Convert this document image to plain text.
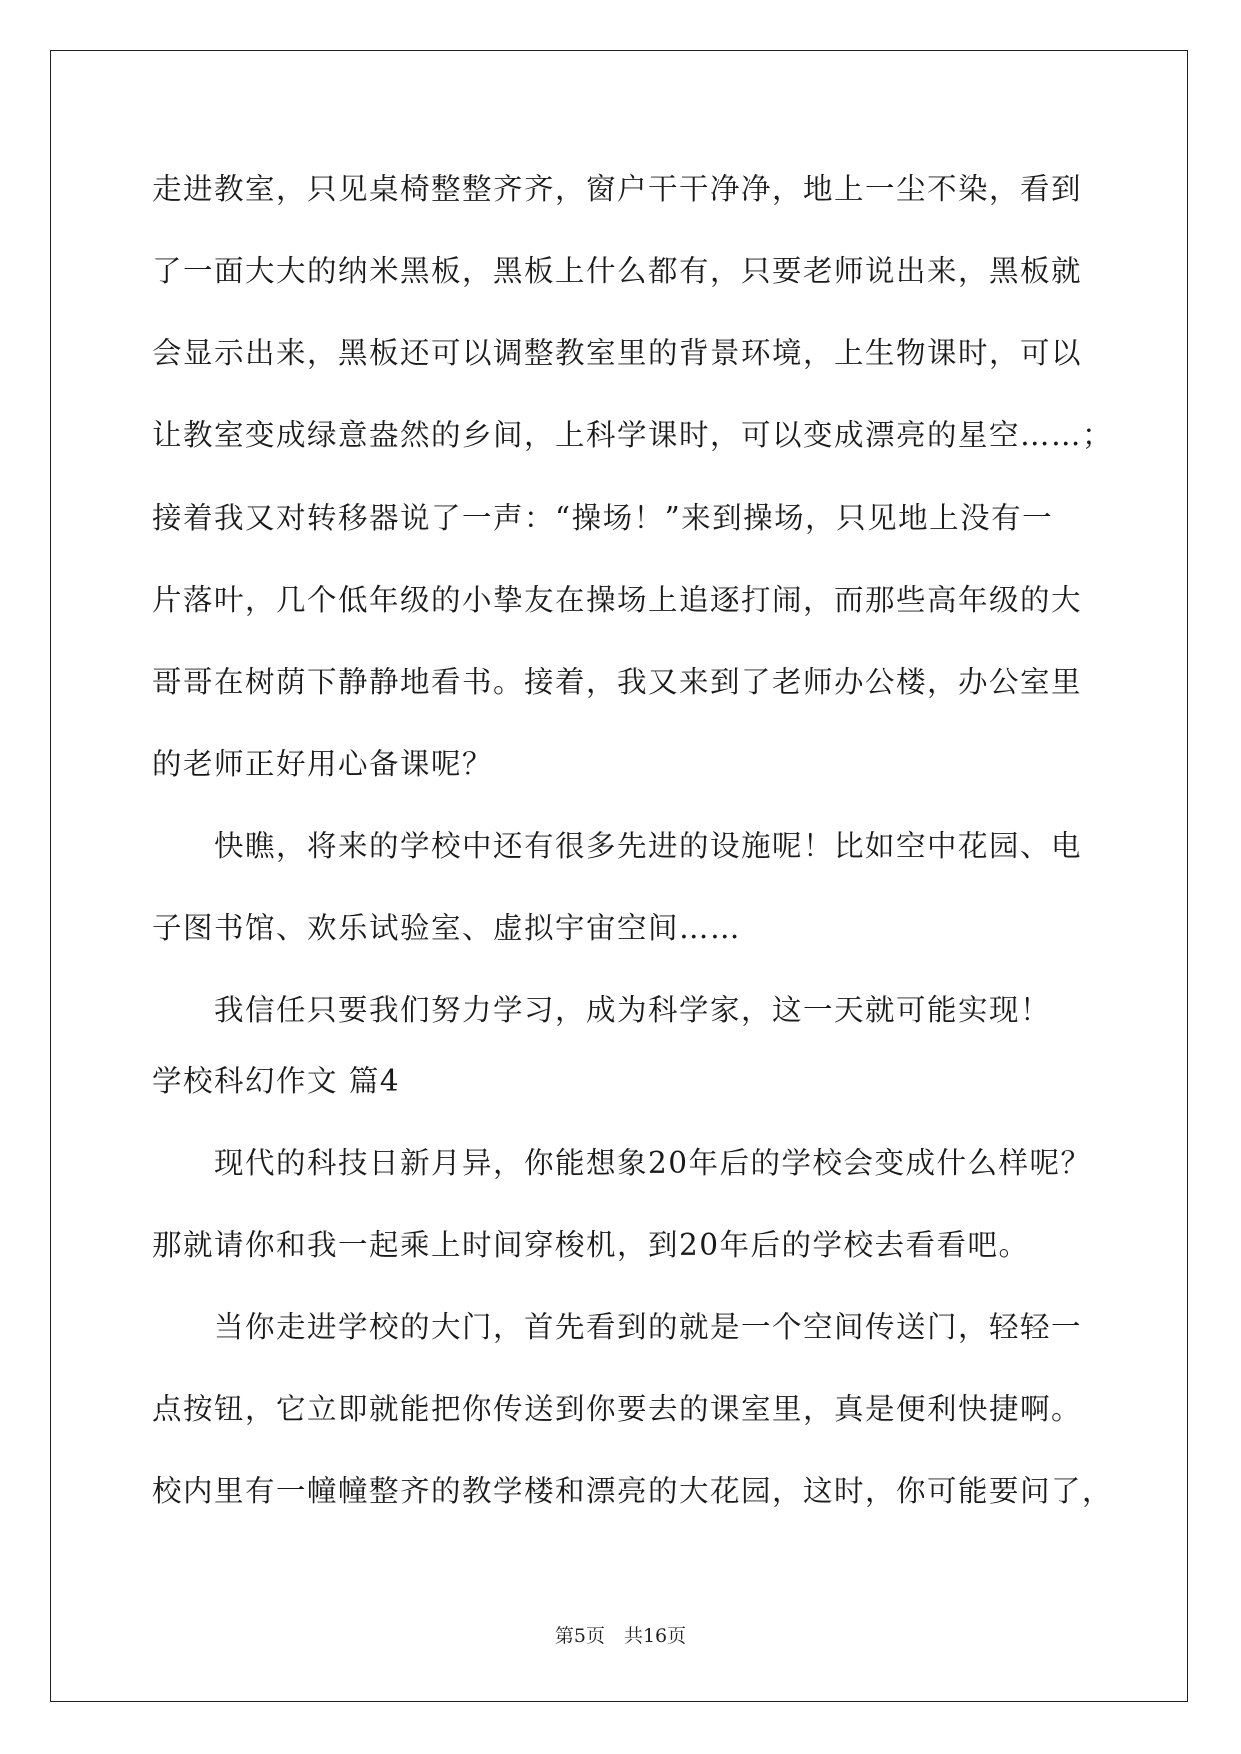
走进教室，只见桌椅整整齐齐，窗户干干净净，地上一尘不染，看到
了一面大大的纳米黑板，黑板上什么都有，只要老师说出来，黑板就
会显示出来，黑板还可以调整教室里的背景环境，上生物课时，可以
让教室变成绿意盎然的乡间，上科学课时，可以变成漂亮的星空……；
接着我又对转移器说了一声：“操场！”来到操场，只见地上没有一
片落叶，几个低年级的小挚友在操场上追逐打闹，而那些高年级的大
哥哥在树荫下静静地看书。接着，我又来到了老师办公楼，办公室里
的老师正好用心备课呢？
　　快瞧，将来的学校中还有很多先进的设施呢！比如空中花园、电
子图书馆、欢乐试验室、虚拟宇宙空间……
　　我信任只要我们努力学习，成为科学家，这一天就可能实现！
学校科幻作文 篇4
　　现代的科技日新月异，你能想象20年后的学校会变成什么样呢？
那就请你和我一起乘上时间穿梭机，到20年后的学校去看看吧。
　　当你走进学校的大门，首先看到的就是一个空间传送门，轻轻一
点按钮，它立即就能把你传送到你要去的课室里，真是便利快捷啊。
校内里有一幢幢整齐的教学楼和漂亮的大花园，这时，你可能要问了，
第5页　共16页
